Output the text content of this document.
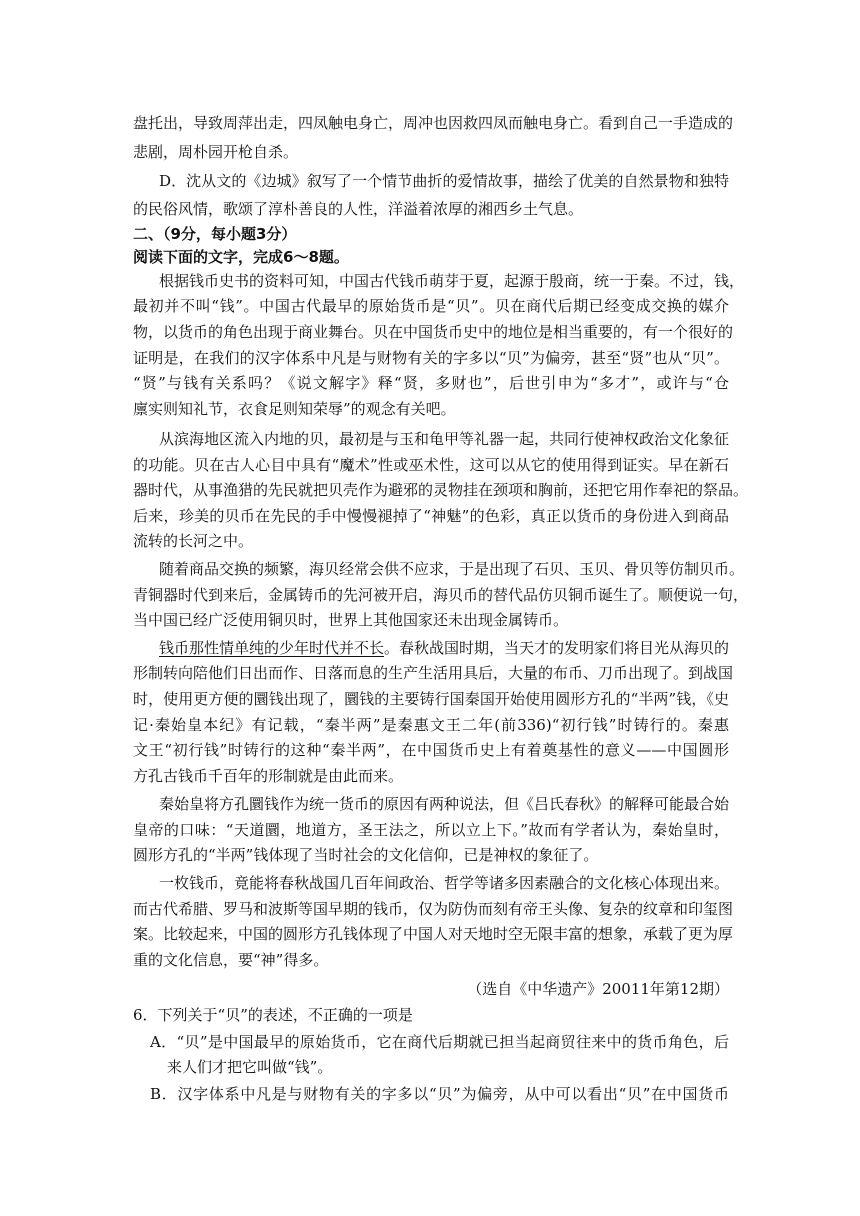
盘托出，导致周萍出走，四凤触电身亡，周冲也因救四凤而触电身亡。看到自己一手造成的
悲剧，周朴园开枪自杀。
D．沈从文的《边城》叙写了一个情节曲折的爱情故事，描绘了优美的自然景物和独特
的民俗风情，歌颂了淳朴善良的人性，洋溢着浓厚的湘西乡土气息。
二、（9分，每小题3分）
阅读下面的文字，完成6～8题。
根据钱币史书的资料可知，中国古代钱币萌芽于夏，起源于殷商，统一于秦。不过，钱，
最初并不叫“钱”。中国古代最早的原始货币是“贝”。贝在商代后期已经变成交换的媒介
物，以货币的角色出现于商业舞台。贝在中国货币史中的地位是相当重要的，有一个很好的
证明是，在我们的汉字体系中凡是与财物有关的字多以“贝”为偏旁，甚至“贤”也从“贝”。
“贤”与钱有关系吗？《说文解字》释“贤，多财也”，后世引申为“多才”，或许与“仓
廪实则知礼节，衣食足则知荣辱”的观念有关吧。
从滨海地区流入内地的贝，最初是与玉和龟甲等礼器一起，共同行使神权政治文化象征
的功能。贝在古人心目中具有“魔术”性或巫术性，这可以从它的使用得到证实。早在新石
器时代，从事渔猎的先民就把贝壳作为避邪的灵物挂在颈项和胸前，还把它用作奉祀的祭品。
后来，珍美的贝币在先民的手中慢慢褪掉了“神魅”的色彩，真正以货币的身份进入到商品
流转的长河之中。
随着商品交换的频繁，海贝经常会供不应求，于是出现了石贝、玉贝、骨贝等仿制贝币。
青铜器时代到来后，金属铸币的先河被开启，海贝币的替代品仿贝铜币诞生了。顺便说一句，
当中国已经广泛使用铜贝时，世界上其他国家还未出现金属铸币。
钱币那性情单纯的少年时代并不长。春秋战国时期，当天才的发明家们将目光从海贝的
形制转向陪他们日出而作、日落而息的生产生活用具后，大量的布币、刀币出现了。到战国
时，使用更方便的圜钱出现了，圜钱的主要铸行国秦国开始使用圆形方孔的“半两”钱，《史
记·秦始皇本纪》有记载，“秦半两”是秦惠文王二年(前336)“初行钱”时铸行的。秦惠
文王“初行钱”时铸行的这种“秦半两”，在中国货币史上有着奠基性的意义——中国圆形
方孔古钱币千百年的形制就是由此而来。
秦始皇将方孔圜钱作为统一货币的原因有两种说法，但《吕氏春秋》的解释可能最合始
皇帝的口味：“天道圜，地道方，圣王法之，所以立上下。”故而有学者认为，秦始皇时，
圆形方孔的“半两”钱体现了当时社会的文化信仰，已是神权的象征了。
一枚钱币，竟能将春秋战国几百年间政治、哲学等诸多因素融合的文化核心体现出来。
而古代希腊、罗马和波斯等国早期的钱币，仅为防伪而刻有帝王头像、复杂的纹章和印玺图
案。比较起来，中国的圆形方孔钱体现了中国人对天地时空无限丰富的想象，承载了更为厚
重的文化信息，要“神”得多。
（选自《中华遗产》20011年第12期）
6．下列关于“贝”的表述，不正确的一项是
A．“贝”是中国最早的原始货币，它在商代后期就已担当起商贸往来中的货币角色，后
来人们才把它叫做“钱”。
B．汉字体系中凡是与财物有关的字多以“贝”为偏旁，从中可以看出“贝”在中国货币
